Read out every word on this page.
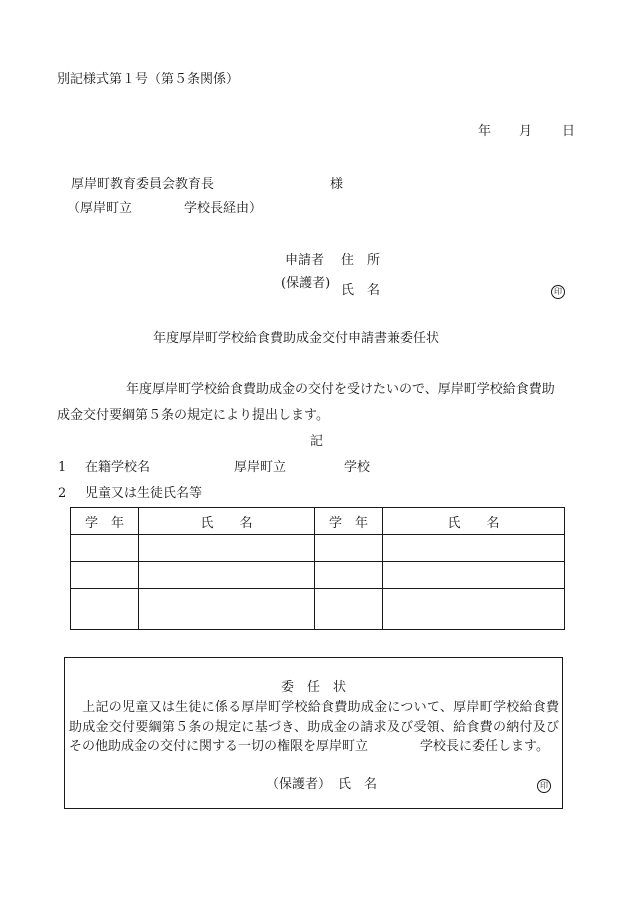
別記様式第１号（第５条関係）
年 月 日
厚岸町教育委員会教育長	様
（厚岸町立　　　　学校長経由）
申請者
(保護者)
住　所
氏　名	印
年度厚岸町学校給食費助成金交付申請書兼委任状
年度厚岸町学校給食費助成金の交付を受けたいので、厚岸町学校給食費助
成金交付要綱第５条の規定により提出します。
記
1 在籍学校名	厚岸町立	学校
2 児童又は生徒氏名等
学　年	氏　　名	学　年	氏　　名

委　任　状
上記の児童又は生徒に係る厚岸町学校給食費助成金について、厚岸町学校給食費助成金交付要綱第５条の規定に基づき、助成金の請求及び受領、給食費の納付及びその他助成金の交付に関する一切の権限を厚岸町立　　　　学校長に委任します。
（保護者） 氏　名	印
